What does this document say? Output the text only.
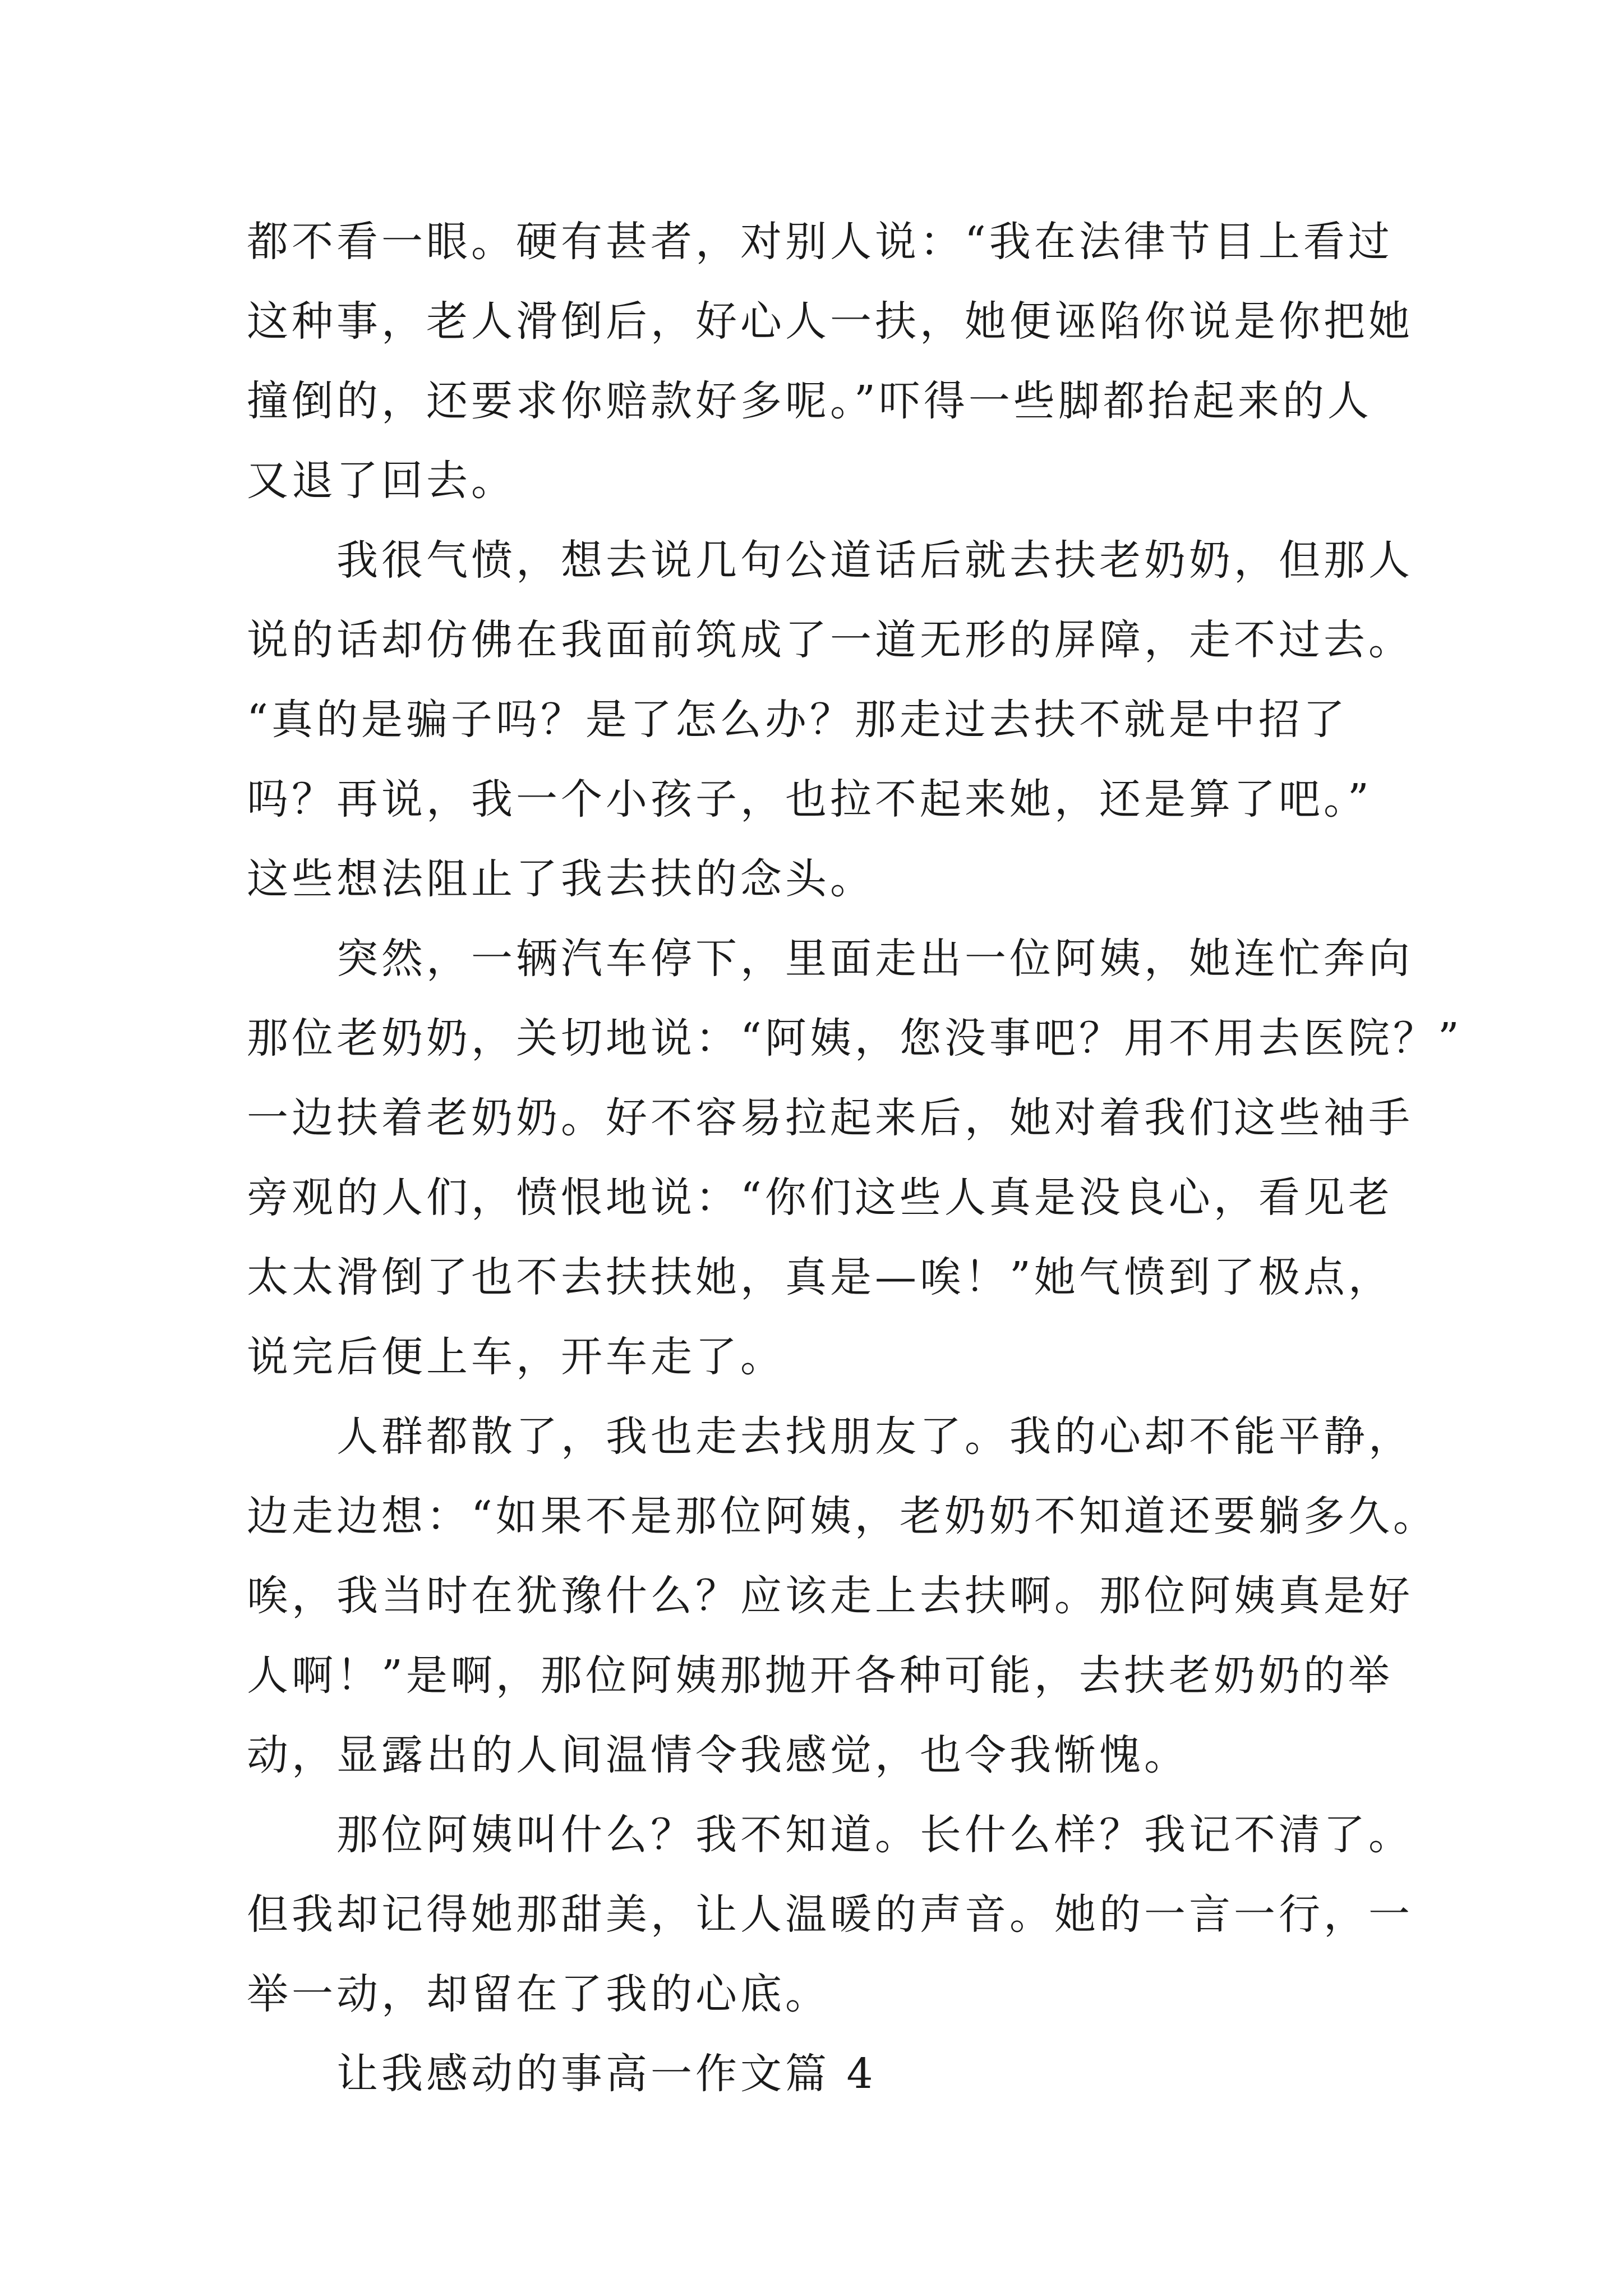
都不看一眼。硬有甚者，对别人说：“我在法律节目上看过
这种事，老人滑倒后，好心人一扶，她便诬陷你说是你把她
撞倒的，还要求你赔款好多呢。”吓得一些脚都抬起来的人
又退了回去。
我很气愤，想去说几句公道话后就去扶老奶奶，但那人
说的话却仿佛在我面前筑成了一道无形的屏障，走不过去。
“真的是骗子吗？是了怎么办？那走过去扶不就是中招了
吗？再说，我一个小孩子，也拉不起来她，还是算了吧。”
这些想法阻止了我去扶的念头。
突然，一辆汽车停下，里面走出一位阿姨，她连忙奔向
那位老奶奶，关切地说：“阿姨，您没事吧？用不用去医院？”
一边扶着老奶奶。好不容易拉起来后，她对着我们这些袖手
旁观的人们，愤恨地说：“你们这些人真是没良心，看见老
太太滑倒了也不去扶扶她，真是—唉！”她气愤到了极点，
说完后便上车，开车走了。
人群都散了，我也走去找朋友了。我的心却不能平静，
边走边想：“如果不是那位阿姨，老奶奶不知道还要躺多久。
唉，我当时在犹豫什么？应该走上去扶啊。那位阿姨真是好
人啊！”是啊，那位阿姨那抛开各种可能，去扶老奶奶的举
动，显露出的人间温情令我感觉，也令我惭愧。
那位阿姨叫什么？我不知道。长什么样？我记不清了。
但我却记得她那甜美，让人温暖的声音。她的一言一行，一
举一动，却留在了我的心底。
让我感动的事高一作文篇 4
